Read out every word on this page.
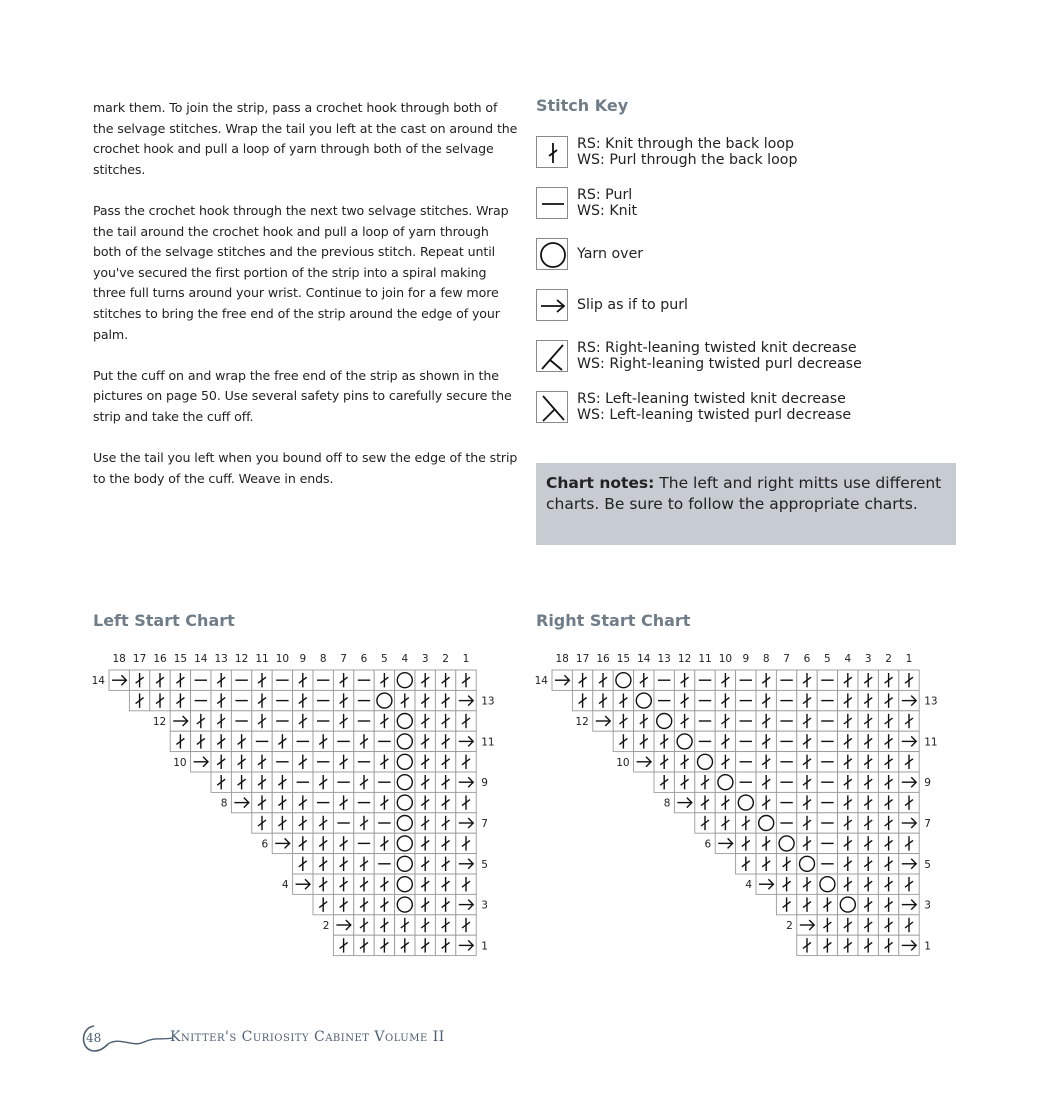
mark them. To join the strip, pass a crochet hook through both of the selvage stitches. Wrap the tail you left at the cast on around the crochet hook and pull a loop of yarn through both of the selvage stitches.

Pass the crochet hook through the next two selvage stitches. Wrap the tail around the crochet hook and pull a loop of yarn through both of the selvage stitches and the previous stitch. Repeat until you've secured the first portion of the strip into a spiral making three full turns around your wrist. Continue to join for a few more stitches to bring the free end of the strip around the edge of your palm.

Put the cuff on and wrap the free end of the strip as shown in the pictures on page 50. Use several safety pins to carefully secure the strip and take the cuff off.

Use the tail you left when you bound off to sew the edge of the strip to the body of the cuff. Weave in ends.

Stitch Key
RS: Knit through the back loop
WS: Purl through the back loop
RS: Purl
WS: Knit
Yarn over
Slip as if to purl
RS: Right-leaning twisted knit decrease
WS: Right-leaning twisted purl decrease
RS: Left-leaning twisted knit decrease
WS: Left-leaning twisted purl decrease
Chart notes: The left and right mitts use different charts. Be sure to follow the appropriate charts.
Left Start Chart	Right Start Chart
18 17 16 15 14 13 12 11 10 9 8 7 6 5 4 3 2 1
14
13
12
11
10
9
8
7
6
5
4
3
2
1
18 17 16 15 14 13 12 11 10 9 8 7 6 5 4 3 2 1
14
13
12
11
10
9
8
7
6
5
4
3
2
1
48	Knitter's Curiosity Cabinet Volume II
